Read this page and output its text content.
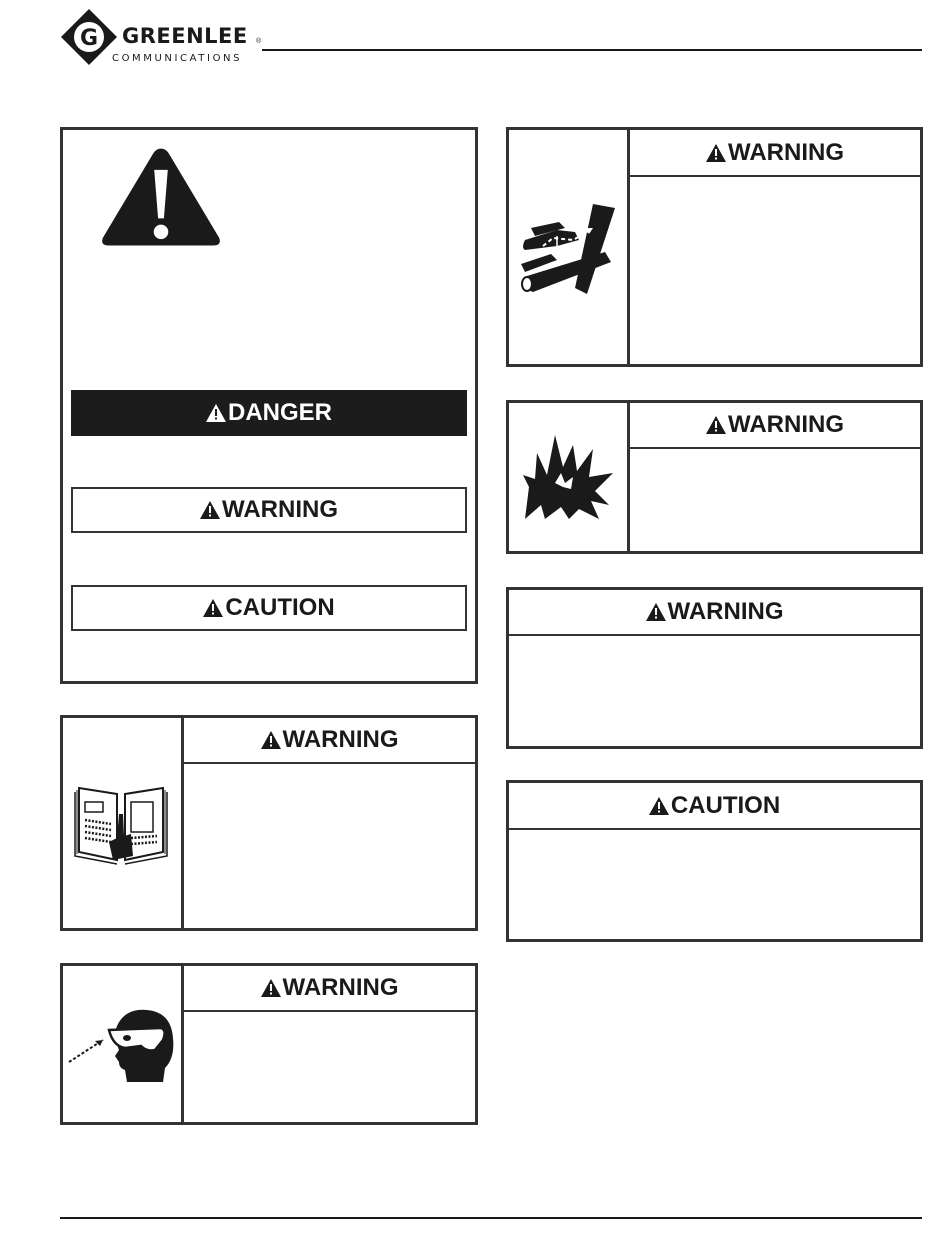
G GREENLEE ®
COMMUNICATIONS
DANGER
WARNING
CAUTION
WARNING
WARNING
WARNING
WARNING
WARNING
CAUTION
